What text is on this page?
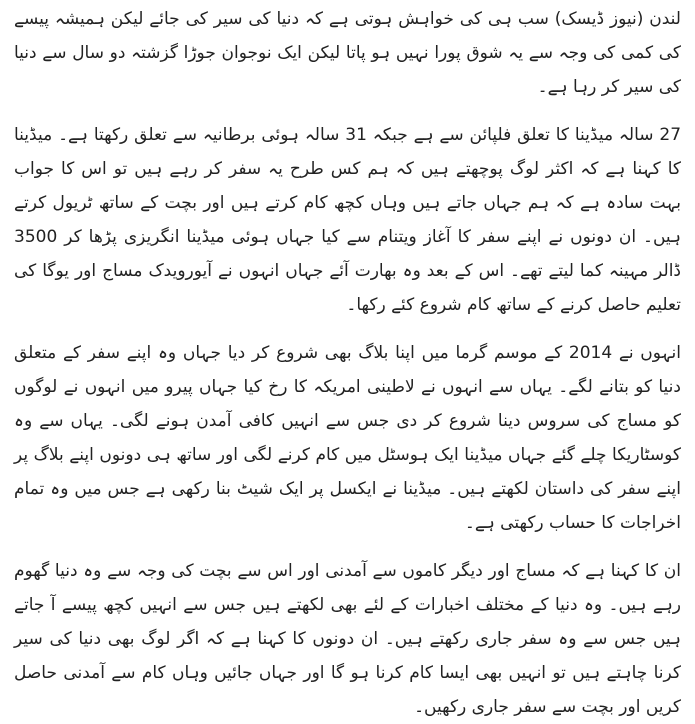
لندن (نیوز ڈیسک) سب ہی کی خواہش ہوتی ہے کہ دنیا کی سیر کی جائے لیکن ہمیشہ پیسے کی کمی کی وجہ سے یہ شوق پورا نہیں ہو پاتا لیکن ایک نوجوان جوڑا گزشتہ دو سال سے دنیا کی سیر کر رہا ہے۔

27 سالہ میڈینا کا تعلق فلپائن سے ہے جبکہ 31 سالہ ہوئی برطانیہ سے تعلق رکھتا ہے۔ میڈینا کا کہنا ہے کہ اکثر لوگ پوچھتے ہیں کہ ہم کس طرح یہ سفر کر رہے ہیں تو اس کا جواب بہت سادہ ہے کہ ہم جہاں جاتے ہیں وہاں کچھ کام کرتے ہیں اور بچت کے ساتھ ٹریول کرتے ہیں۔ ان دونوں نے اپنے سفر کا آغاز ویتنام سے کیا جہاں ہوئی میڈینا انگریزی پڑھا کر 3500 ڈالر مہینہ کما لیتے تھے۔ اس کے بعد وہ بھارت آئے جہاں انہوں نے آیورویدک مساج اور یوگا کی تعلیم حاصل کرنے کے ساتھ کام شروع کئے رکھا۔

انہوں نے 2014 کے موسم گرما میں اپنا بلاگ بھی شروع کر دیا جہاں وہ اپنے سفر کے متعلق دنیا کو بتانے لگے۔ یہاں سے انہوں نے لاطینی امریکہ کا رخ کیا جہاں پیرو میں انہوں نے لوگوں کو مساج کی سروس دینا شروع کر دی جس سے انہیں کافی آمدن ہونے لگی۔ یہاں سے وہ کوسٹاریکا چلے گئے جہاں میڈینا ایک ہوسٹل میں کام کرنے لگی اور ساتھ ہی دونوں اپنے بلاگ پر اپنے سفر کی داستان لکھتے ہیں۔ میڈینا نے ایکسل پر ایک شیٹ بنا رکھی ہے جس میں وہ تمام اخراجات کا حساب رکھتی ہے۔

ان کا کہنا ہے کہ مساج اور دیگر کاموں سے آمدنی اور اس سے بچت کی وجہ سے وہ دنیا گھوم رہے ہیں۔ وہ دنیا کے مختلف اخبارات کے لئے بھی لکھتے ہیں جس سے انہیں کچھ پیسے آ جاتے ہیں جس سے وہ سفر جاری رکھتے ہیں۔ ان دونوں کا کہنا ہے کہ اگر لوگ بھی دنیا کی سیر کرنا چاہتے ہیں تو انہیں بھی ایسا کام کرنا ہو گا اور جہاں جائیں وہاں کام سے آمدنی حاصل کریں اور بچت سے سفر جاری رکھیں۔
